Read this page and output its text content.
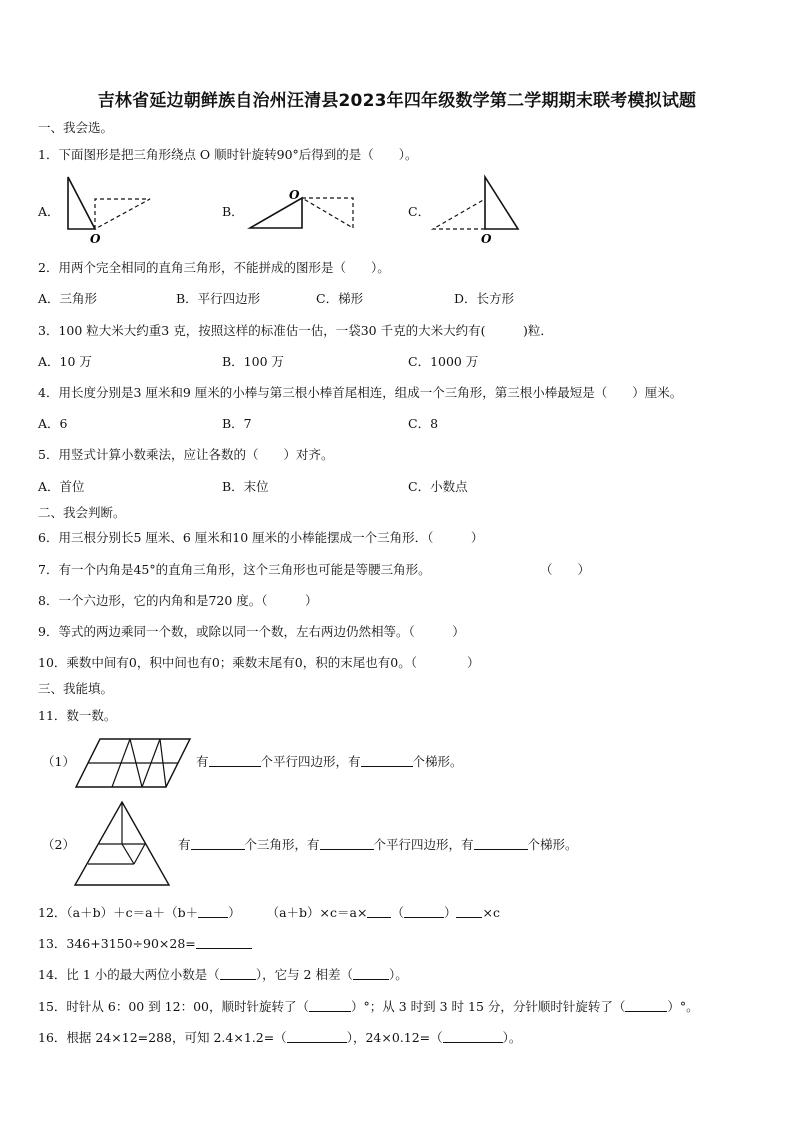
吉林省延边朝鲜族自治州汪清县2023年四年级数学第二学期期末联考模拟试题
一、我会选。
1．下面图形是把三角形绕点 O 顺时针旋转90°后得到的是（　　）。
A．	B．	C．
O
O
O
2．用两个完全相同的直角三角形，不能拼成的图形是（　　）。
A．三角形	B．平行四边形	C．梯形	D．长方形
3．100 粒大米大约重3 克，按照这样的标准估一估，一袋30 千克的大米大约有(　　　)粒．
A．10 万	B．100 万	C．1000 万
4．用长度分别是3 厘米和9 厘米的小棒与第三根小棒首尾相连，组成一个三角形，第三根小棒最短是（　　）厘米。
A．6	B．7	C．8
5．用竖式计算小数乘法，应让各数的（　　）对齐。
A．首位	B．末位	C．小数点
二、我会判断。
6．用三根分别长5 厘米、6 厘米和10 厘米的小棒能摆成一个三角形．（　　　）
7．有一个内角是45°的直角三角形，这个三角形也可能是等腰三角形。	（　　）
8．一个六边形，它的内角和是720 度。（　　　）
9．等式的两边乘同一个数，或除以同一个数，左右两边仍然相等。（　　　）
10．乘数中间有0，积中间也有0；乘数末尾有0，积的末尾也有0。（　　　　）
三、我能填。
11．数一数。
（1）	有	个平行四边形，有	个梯形。
（2）	有	个三角形，有	个平行四边形，有	个梯形。
12．（a＋b）＋c＝a＋（b＋ ） （a＋b）×c＝a× （	） ×c
13．346+3150÷90×28=
14．比 1 小的最大两位小数是（	），它与 2 相差（	）。
15．时针从 6：00 到 12：00，顺时针旋转了（	）°；从 3 时到 3 时 15 分，分针顺时针旋转了（	）°。
16．根据 24×12=288，可知 2.4×1.2=（	），24×0.12=（	）。
